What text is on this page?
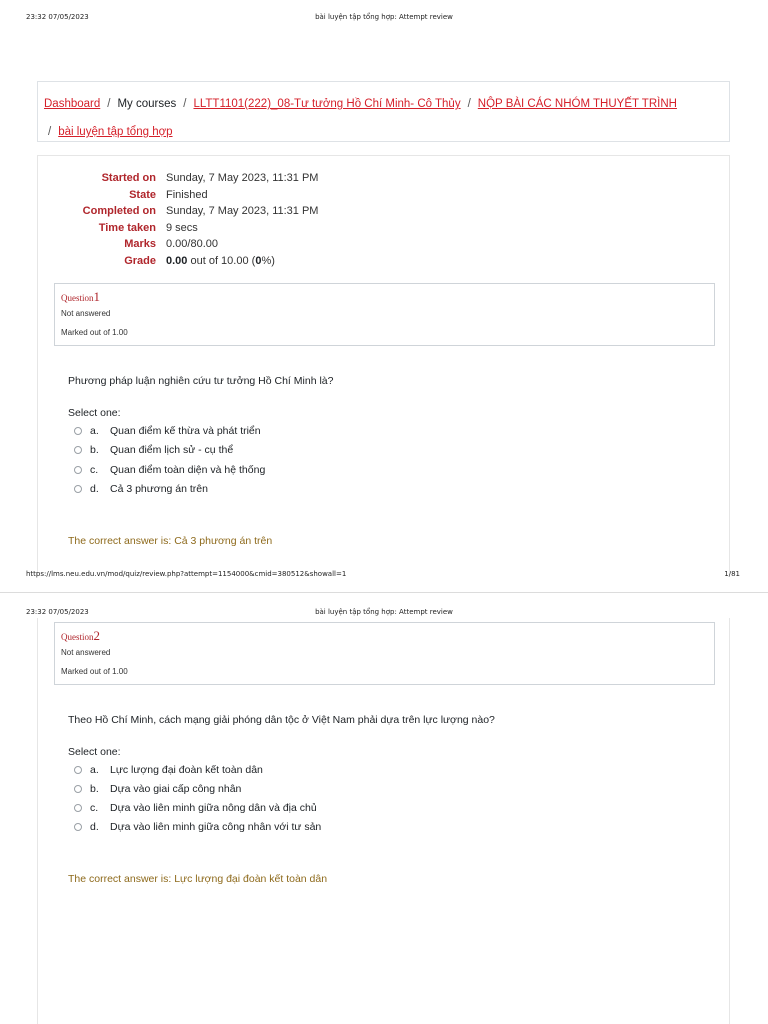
23:32 07/05/2023	bài luyện tập tổng hợp: Attempt review
Dashboard / My courses / LLTT1101(222)_08-Tư tưởng Hồ Chí Minh- Cô Thủy / NỘP BÀI CÁC NHÓM THUYẾT TRÌNH
/ bài luyện tập tổng hợp
Started on Sunday, 7 May 2023, 11:31 PM
State Finished
Completed on Sunday, 7 May 2023, 11:31 PM
Time taken 9 secs
Marks 0.00/80.00
Grade 0.00 out of 10.00 (0%)
Question1
Not answered
Marked out of 1.00
Phương pháp luận nghiên cứu tư tưởng Hồ Chí Minh là?
Select one:
a. Quan điểm kế thừa và phát triển
b. Quan điểm lịch sử - cụ thể
c. Quan điểm toàn diện và hệ thống
d. Cả 3 phương án trên
The correct answer is: Cả 3 phương án trên
https://lms.neu.edu.vn/mod/quiz/review.php?attempt=1154000&cmid=380512&showall=1	1/81
23:32 07/05/2023	bài luyện tập tổng hợp: Attempt review
Question2
Not answered
Marked out of 1.00
Theo Hồ Chí Minh, cách mạng giải phóng dân tộc ở Việt Nam phải dựa trên lực lượng nào?
Select one:
a. Lực lượng đại đoàn kết toàn dân
b. Dựa vào giai cấp công nhân
c. Dựa vào liên minh giữa nông dân và địa chủ
d. Dựa vào liên minh giữa công nhân với tư sản
The correct answer is: Lực lượng đại đoàn kết toàn dân
